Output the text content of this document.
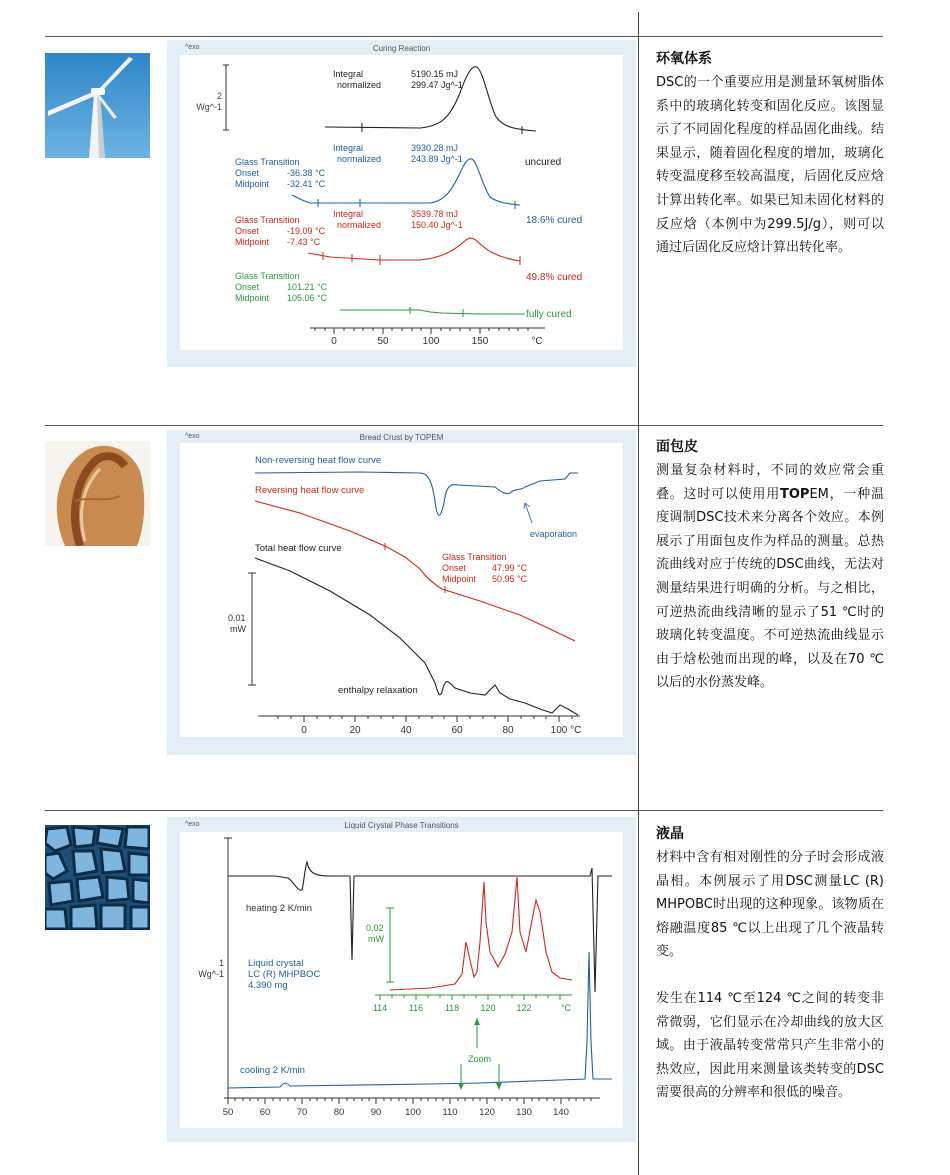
2
Wg^-1
Integral	5190.15 mJ
normalized	299.47 Jg^-1
Integral	3930.28 mJ
normalized	243.89 Jg^-1	uncured
Glass Transition
Onset	-36.38 °C
Midpoint -32.41 °C
18.6% cured
Glass Transition
Onset	-19.09 °C
Midpoint -7.43 °C
Integral	3539.78 mJ
normalized	150.40 Jg^-1
49.8% cured
Glass Transition
Onset	101.21 °C
Midpoint 105.06 °C
fully cured
0	50	100	150	°C
^exo	Curing Reaction
环氧体系

DSC的一个重要应用是测量环氧树脂体系中的玻璃化转变和固化反应。该图显示了不同固化程度的样品固化曲线。结果显示，随着固化程度的增加，玻璃化转变温度移至较高温度，后固化反应焓计算出转化率。如果已知未固化材料的反应焓（本例中为299.5J/g），则可以通过后固化反应焓计算出转化率。

Non-reversing heat flow curve
evaporation
Reversing heat flow curve
Glass Transition
Onset	47.99 °C
Midpoint 50.95 °C
Total heat flow curve
enthalpy relaxation
0.01
mW
0	20	40	60	80	100 °C
^exo	Bread Crust by TOPEM
面包皮

测量复杂材料时，不同的效应常会重叠。这时可以使用用TOPEM，一种温度调制DSC技术来分离各个效应。本例展示了用面包皮作为样品的测量。总热流曲线对应于传统的DSC曲线，无法对测量结果进行明确的分析。与之相比，可逆热流曲线清晰的显示了51 ℃时的玻璃化转变温度。不可逆热流曲线显示由于焓松弛而出现的峰，以及在70 ℃以后的水份蒸发峰。

1
Wg^-1
heating 2 K/min
cooling 2 K/min
Liquid crystal
LC (R) MHPBOC
4.390 mg
0.02
mW
114 116 118 120 122	°C
Zoom
50	60	70	80	90	100 110 120 130 140
^exo	Liquid Crystal Phase Transitions
液晶

材料中含有相对刚性的分子时会形成液晶相。本例展示了用DSC测量LC (R) MHPOBC时出现的这种现象。该物质在熔融温度85 ℃以上出现了几个液晶转变。

发生在114 ℃至124 ℃之间的转变非常微弱，它们显示在冷却曲线的放大区域。由于液晶转变常常只产生非常小的热效应，因此用来测量该类转变的DSC需要很高的分辨率和很低的噪音。
